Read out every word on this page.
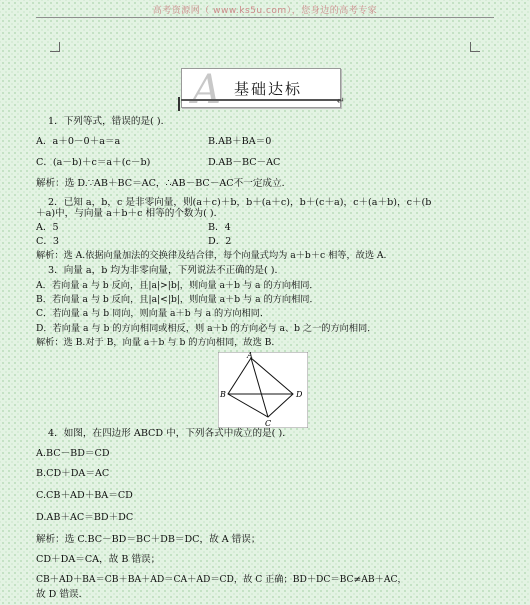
高考资源网（ www.ks5u.com），您身边的高考专家
A 基础达标
↵
1．下列等式，错误的是( )．
A．a＋0－0＋a＝a	B.AB＋BA＝0
C．(a－b)＋c＝a＋(c－b)	D.AB－BC－AC
解析：选 D.∵AB＋BC＝AC，∴AB－BC－AC不一定成立．
2．已知 a，b，c 是非零向量，则(a＋c)＋b，b＋(a＋c)，b＋(c＋a)，c＋(a＋b)，c＋(b
＋a)中，与向量 a＋b＋c 相等的个数为( )．
A．5	B．4
C．3	D．2
解析：选 A.依据向量加法的交换律及结合律，每个向量式均为 a＋b＋c 相等，故选 A.
3．向量 a，b 均为非零向量，下列说法不正确的是( )．
A．若向量 a 与 b 反向，且|a|>|b|，则向量 a＋b 与 a 的方向相同．
B．若向量 a 与 b 反向，且|a|<|b|，则向量 a＋b 与 a 的方向相同．
C．若向量 a 与 b 同向，则向量 a＋b 与 a 的方向相同．
D．若向量 a 与 b 的方向相同或相反，则 a＋b 的方向必与 a、b 之一的方向相同．
解析：选 B.对于 B，向量 a＋b 与 b 的方向相同，故选 B.
A
B
C
D
4．如图，在四边形 ABCD 中，下列各式中成立的是( )．
A.BC－BD＝CD
B.CD＋DA＝AC
C.CB＋AD＋BA＝CD
D.AB＋AC＝BD＋DC
解析：选 C.BC－BD＝BC＋DB＝DC，故 A 错误；
CD＋DA＝CA，故 B 错误；
CB＋AD＋BA＝CB＋BA＋AD＝CA＋AD＝CD，故 C 正确；BD＋DC＝BC≠AB＋AC，
故 D 错误．
